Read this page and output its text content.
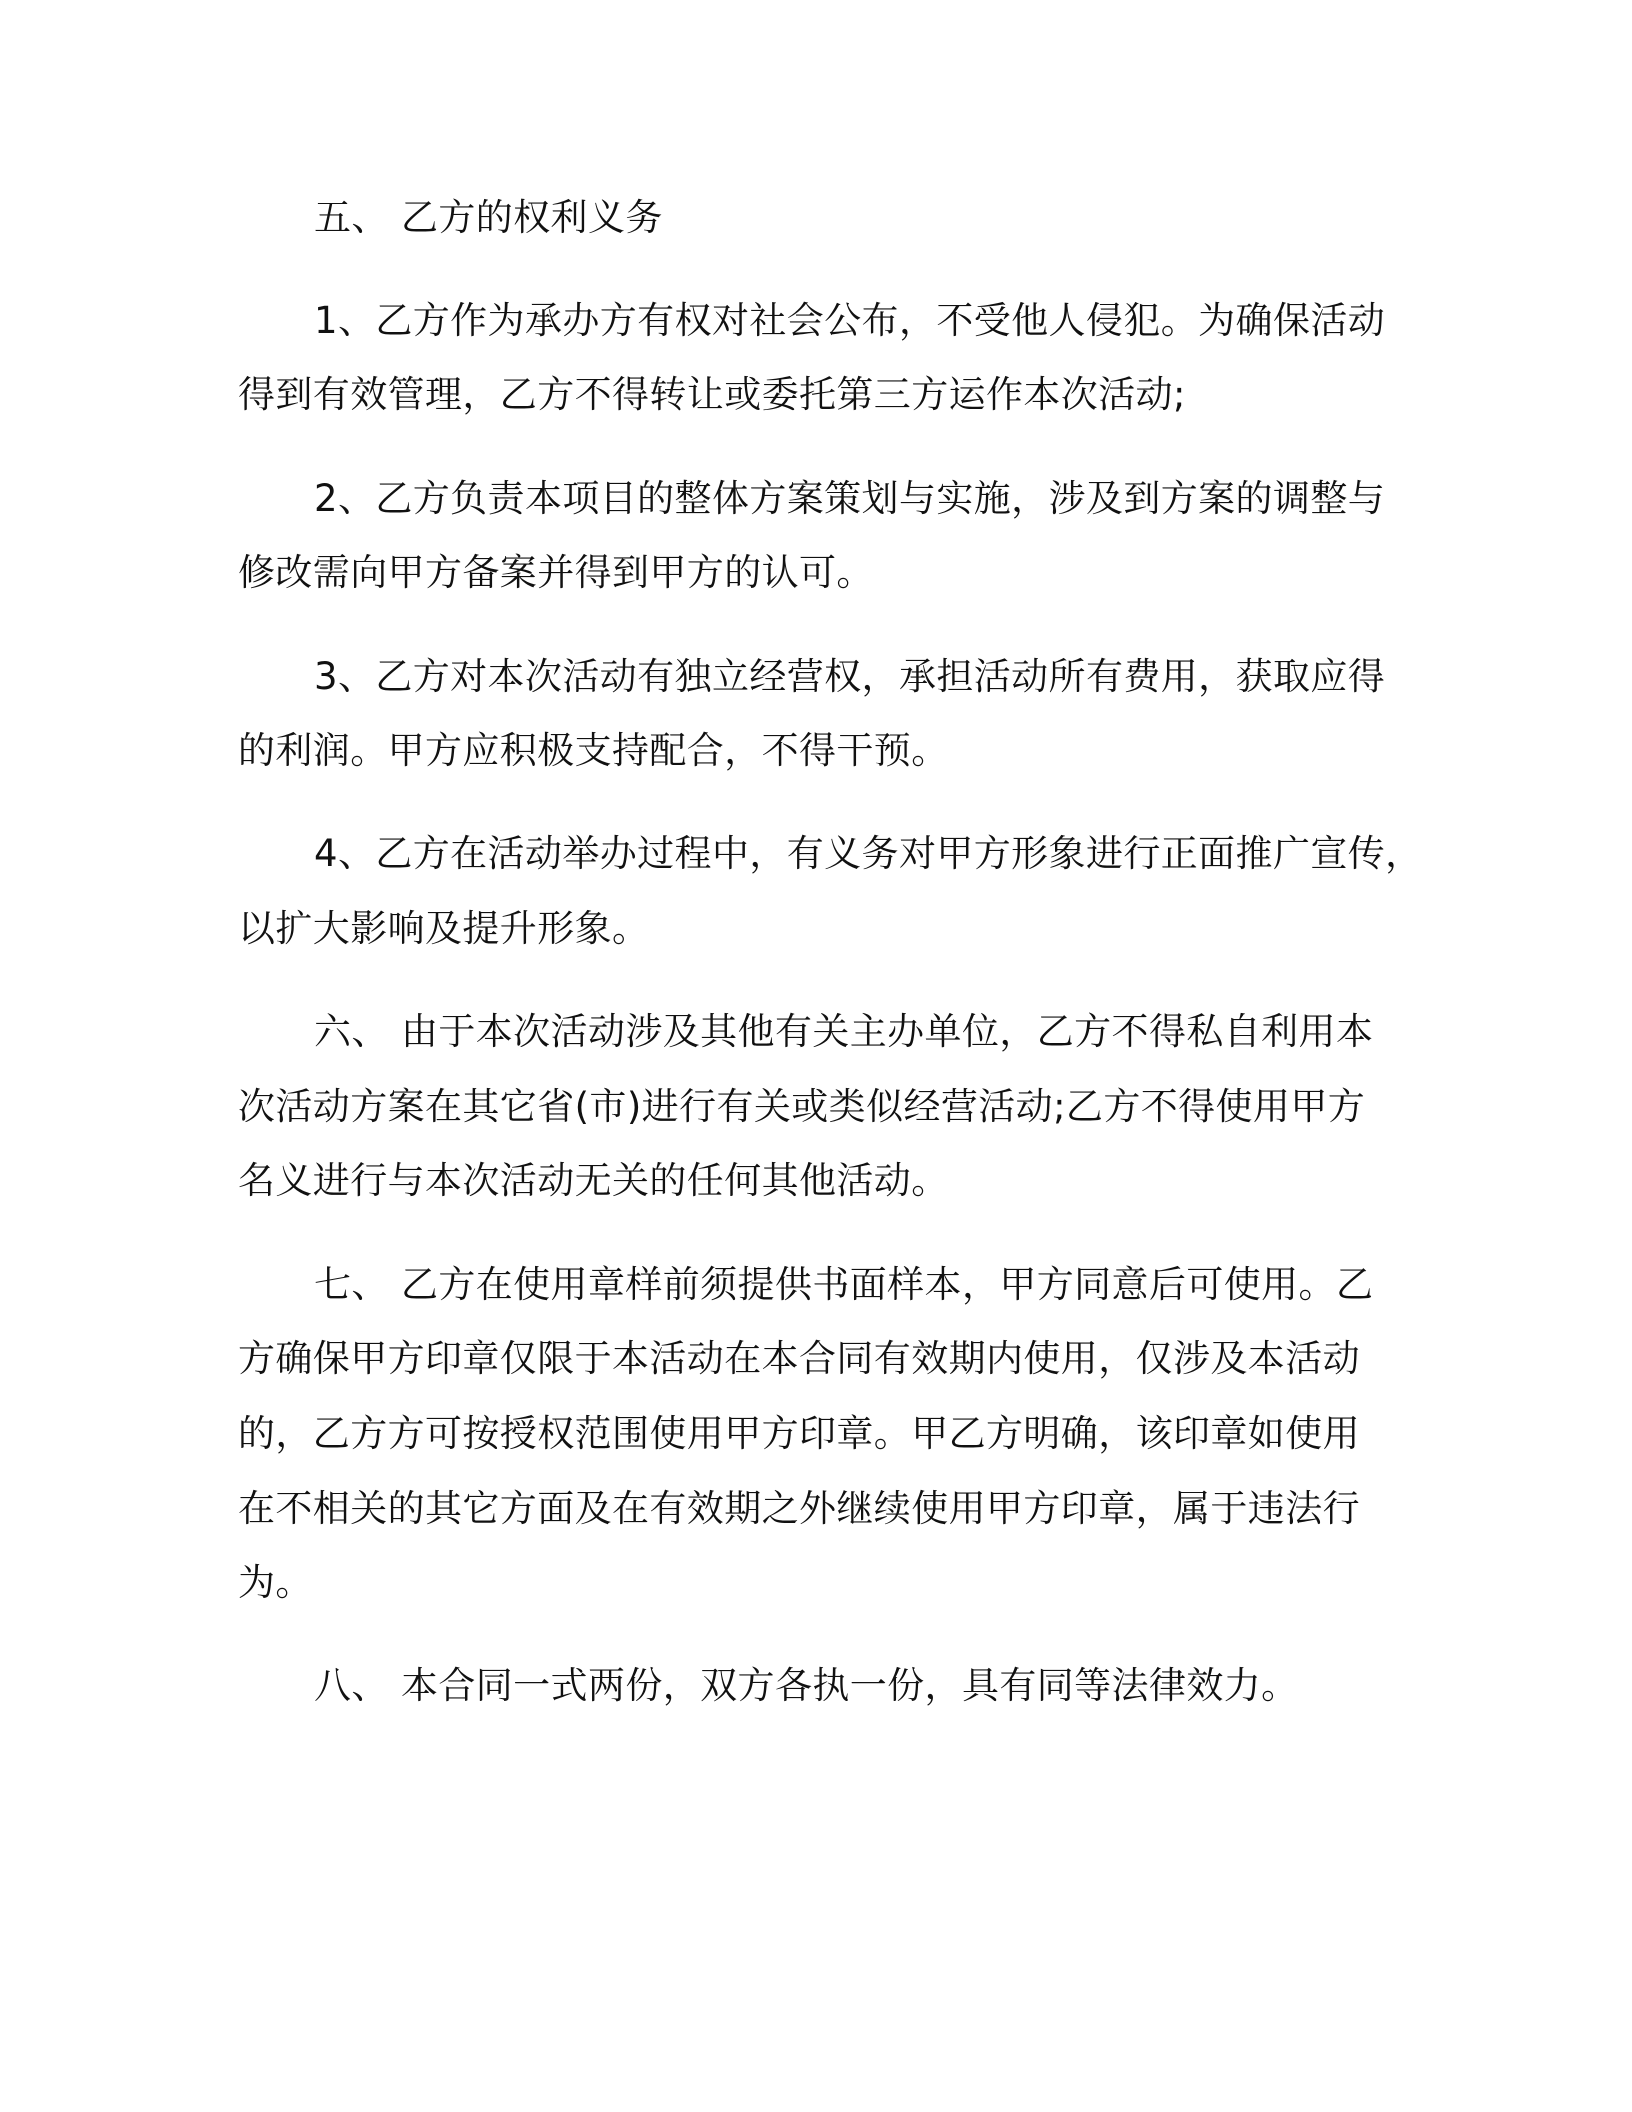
五、 乙方的权利义务
1、乙方作为承办方有权对社会公布，不受他人侵犯。为确保活动
得到有效管理，乙方不得转让或委托第三方运作本次活动;
2、乙方负责本项目的整体方案策划与实施，涉及到方案的调整与
修改需向甲方备案并得到甲方的认可。
3、乙方对本次活动有独立经营权，承担活动所有费用，获取应得
的利润。甲方应积极支持配合，不得干预。
4、乙方在活动举办过程中，有义务对甲方形象进行正面推广宣传，
以扩大影响及提升形象。
六、 由于本次活动涉及其他有关主办单位，乙方不得私自利用本
次活动方案在其它省(市)进行有关或类似经营活动;乙方不得使用甲方
名义进行与本次活动无关的任何其他活动。
七、 乙方在使用章样前须提供书面样本，甲方同意后可使用。乙
方确保甲方印章仅限于本活动在本合同有效期内使用，仅涉及本活动
的，乙方方可按授权范围使用甲方印章。甲乙方明确，该印章如使用
在不相关的其它方面及在有效期之外继续使用甲方印章，属于违法行
为。
八、 本合同一式两份，双方各执一份，具有同等法律效力。
